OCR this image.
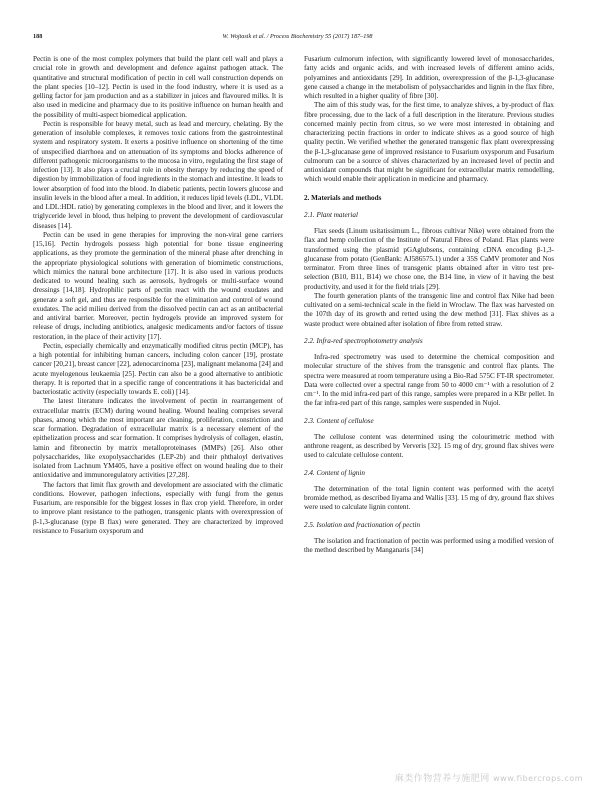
188	W. Wojtasik et al. / Process Biochemistry 55 (2017) 187–198

Pectin is one of the most complex polymers that build the plant cell wall and plays a crucial role in growth and development and defence against pathogen attack. The quantitative and structural modification of pectin in cell wall construction depends on the plant species [10–12]. Pectin is used in the food industry, where it is used as a gelling factor for jam production and as a stabilizer in juices and flavoured milks. It is also used in medicine and pharmacy due to its positive influence on human health and the possibility of multi-aspect biomedical application.

Pectin is responsible for heavy metal, such as lead and mercury, chelating. By the generation of insoluble complexes, it removes toxic cations from the gastrointestinal system and respiratory system. It exerts a positive influence on shortening of the time of unspecified diarrhoea and on attenuation of its symptoms and blocks adherence of different pathogenic microorganisms to the mucosa in vitro, regulating the first stage of infection [13]. It also plays a crucial role in obesity therapy by reducing the speed of digestion by immobilization of food ingredients in the stomach and intestine. It leads to lower absorption of food into the blood. In diabetic patients, pectin lowers glucose and insulin levels in the blood after a meal. In addition, it reduces lipid levels (LDL, VLDL and LDL:HDL ratio) by generating complexes in the blood and liver, and it lowers the triglyceride level in blood, thus helping to prevent the development of cardiovascular diseases [14].

Pectin can be used in gene therapies for improving the non-viral gene carriers [15,16]. Pectin hydrogels possess high potential for bone tissue engineering applications, as they promote the germination of the mineral phase after drenching in the appropriate physiological solutions with generation of biomimetic constructions, which mimics the natural bone architecture [17]. It is also used in various products dedicated to wound healing such as aerosols, hydrogels or multi-surface wound dressings [14,18]. Hydrophilic parts of pectin react with the wound exudates and generate a soft gel, and thus are responsible for the elimination and control of wound exudates. The acid milieu derived from the dissolved pectin can act as an antibacterial and antiviral barrier. Moreover, pectin hydrogels provide an improved system for release of drugs, including antibiotics, analgesic medicaments and/or factors of tissue restoration, in the place of their activity [17].

Pectin, especially chemically and enzymatically modified citrus pectin (MCP), has a high potential for inhibiting human cancers, including colon cancer [19], prostate cancer [20,21], breast cancer [22], adenocarcinoma [23], malignant melanoma [24] and acute myelogenous leukaemia [25]. Pectin can also be a good alternative to antibiotic therapy. It is reported that in a specific range of concentrations it has bactericidal and bacteriostatic activity (especially towards E. coli) [14].

The latest literature indicates the involvement of pectin in rearrangement of extracellular matrix (ECM) during wound healing. Wound healing comprises several phases, among which the most important are cleaning, proliferation, constriction and scar formation. Degradation of extracellular matrix is a necessary element of the epithelization process and scar formation. It comprises hydrolysis of collagen, elastin, lamin and fibronectin by matrix metalloproteinases (MMPs) [26]. Also other polysaccharides, like exopolysaccharides (LEP-2b) and their phthaloyl derivatives isolated from Lachnum YM405, have a positive effect on wound healing due to their antioxidative and immunoregulatory activities [27,28].

The factors that limit flax growth and development are associated with the climatic conditions. However, pathogen infections, especially with fungi from the genus Fusarium, are responsible for the biggest losses in flax crop yield. Therefore, in order to improve plant resistance to the pathogen, transgenic plants with overexpression of β-1,3-glucanase (type B flax) were generated. They are characterized by improved resistance to Fusarium oxysporum and

Fusarium culmorum infection, with significantly lowered level of monosaccharides, fatty acids and organic acids, and with increased levels of different amino acids, polyamines and antioxidants [29]. In addition, overexpression of the β-1,3-glucanase gene caused a change in the metabolism of polysaccharides and lignin in the flax fibre, which resulted in a higher quality of fibre [30].

The aim of this study was, for the first time, to analyze shives, a by-product of flax fibre processing, due to the lack of a full description in the literature. Previous studies concerned mainly pectin from citrus, so we were most interested in obtaining and characterizing pectin fractions in order to indicate shives as a good source of high quality pectin. We verified whether the generated transgenic flax plant overexpressing the β-1,3-glucanase gene of improved resistance to Fusarium oxysporum and Fusarium culmorum can be a source of shives characterized by an increased level of pectin and antioxidant compounds that might be significant for extracellular matrix remodelling, which would enable their application in medicine and pharmacy.

2. Materials and methods
2.1. Plant material

Flax seeds (Linum usitatissimum L., fibrous cultivar Nike) were obtained from the flax and hemp collection of the Institute of Natural Fibres of Poland. Flax plants were transformed using the plasmid pGAglubsens, containing cDNA encoding β-1,3-glucanase from potato (GenBank: AJ586575.1) under a 35S CaMV promoter and Nos terminator. From three lines of transgenic plants obtained after in vitro test pre-selection (B10, B11, B14) we chose one, the B14 line, in view of it having the best productivity, and used it for the field trials [29].

The fourth generation plants of the transgenic line and control flax Nike had been cultivated on a semi-technical scale in the field in Wroclaw. The flax was harvested on the 107th day of its growth and retted using the dew method [31]. Flax shives as a waste product were obtained after isolation of fibre from retted straw.

2.2. Infra-red spectrophotometry analysis

Infra-red spectrometry was used to determine the chemical composition and molecular structure of the shives from the transgenic and control flax plants. The spectra were measured at room temperature using a Bio-Rad 575C FT-IR spectrometer. Data were collected over a spectral range from 50 to 4000 cm⁻¹ with a resolution of 2 cm⁻¹. In the mid infra-red part of this range, samples were prepared in a KBr pellet. In the far infra-red part of this range, samples were suspended in Nujol.

2.3. Content of cellulose

The cellulose content was determined using the colourimetric method with anthrone reagent, as described by Ververis [32]. 15 mg of dry, ground flax shives were used to calculate cellulose content.

2.4. Content of lignin

The determination of the total lignin content was performed with the acetyl bromide method, as described Iiyama and Wallis [33]. 15 mg of dry, ground flax shives were used to calculate lignin content.

2.5. Isolation and fractionation of pectin

The isolation and fractionation of pectin was performed using a modified version of the method described by Manganaris [34]

麻类作物营养与施肥网 www.fibercrops.com
